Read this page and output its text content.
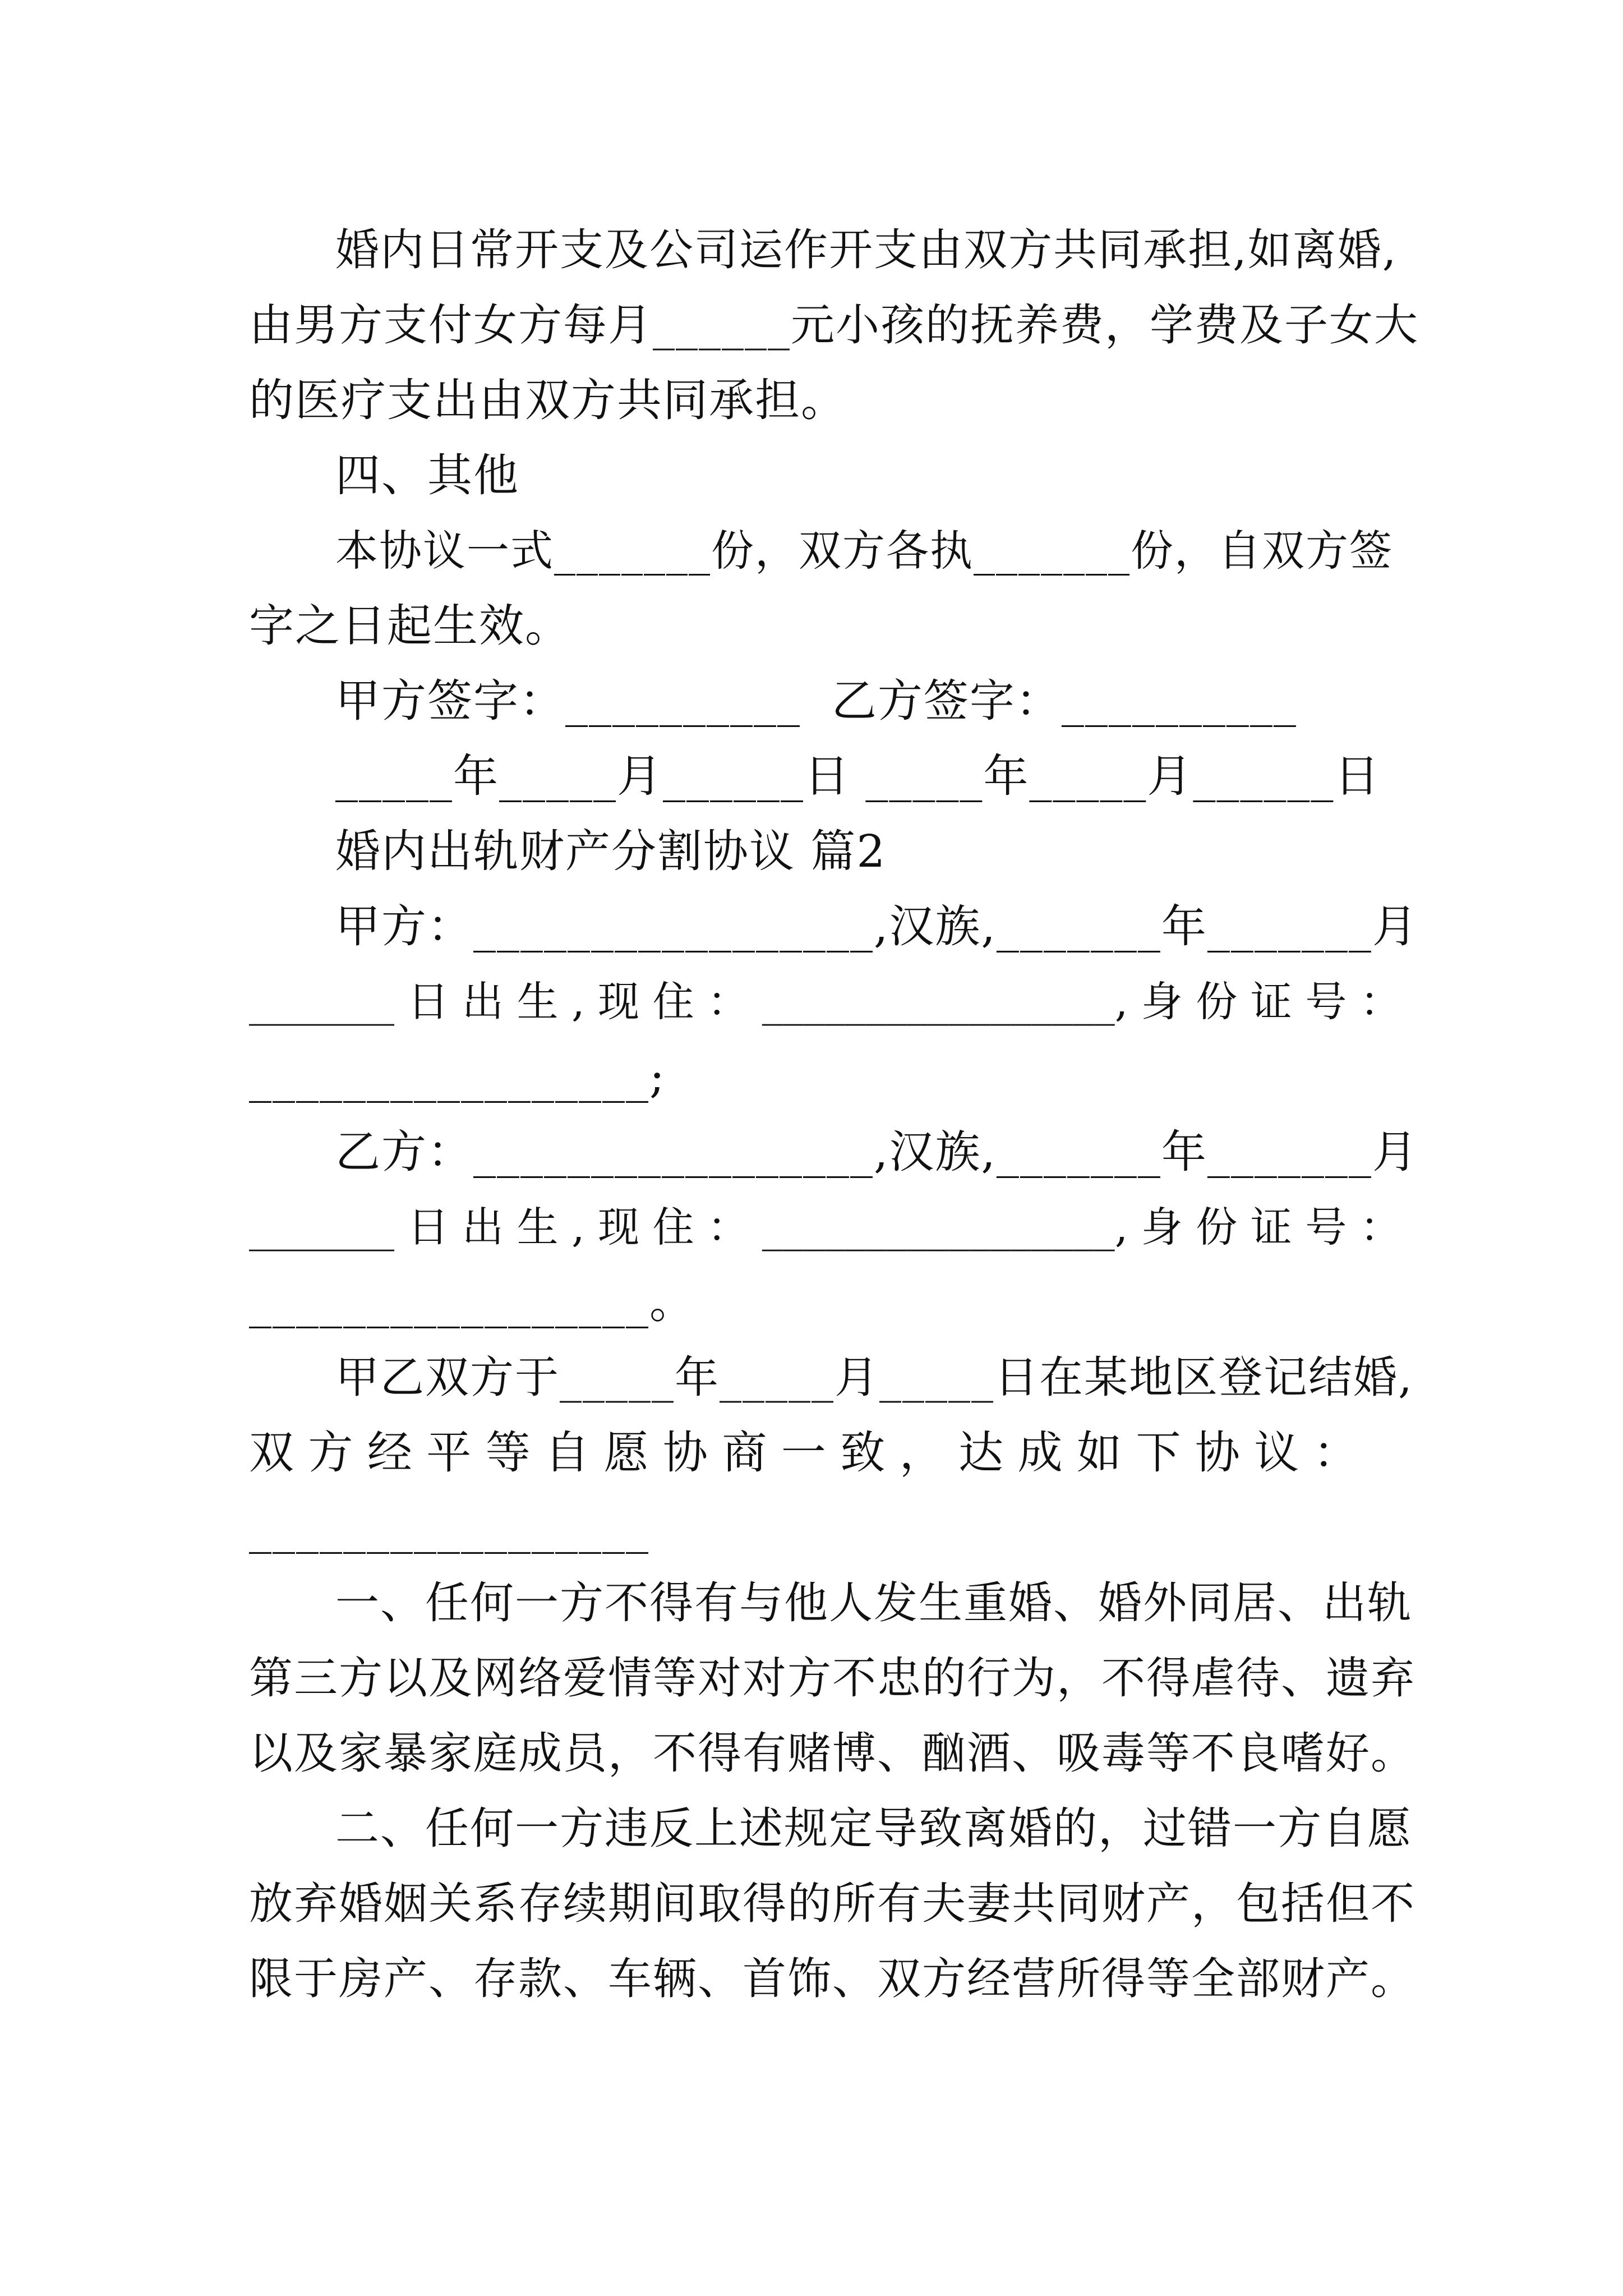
婚内日常开支及公司运作开支由双方共同承担,如离婚,
由男方支付女方每月______元小孩的抚养费，学费及子女大
的医疗支出由双方共同承担。
四、其他
本协议一式_______份，双方各执_______份，自双方签
字之日起生效。
甲方签字：__________  乙方签字：__________
_____年_____月______日 _____年_____月______日
婚内出轨财产分割协议 篇2
甲方：_________________,汉族,_______年_______月
_______ 日 出 生 , 现 住 ： _________________, 身 份 证 号 ：
_________________;
乙方：_________________,汉族,_______年_______月
_______ 日 出 生 , 现 住 ： _________________, 身 份 证 号 ：
_________________。
甲乙双方于_____年_____月_____日在某地区登记结婚,
双 方 经 平 等 自 愿 协 商 一 致 ， 达 成 如 下 协 议 ：
_________________
一、任何一方不得有与他人发生重婚、婚外同居、出轨
第三方以及网络爱情等对对方不忠的行为，不得虐待、遗弃
以及家暴家庭成员，不得有赌博、酗酒、吸毒等不良嗜好。
二、任何一方违反上述规定导致离婚的，过错一方自愿
放弃婚姻关系存续期间取得的所有夫妻共同财产，包括但不
限于房产、存款、车辆、首饰、双方经营所得等全部财产。
